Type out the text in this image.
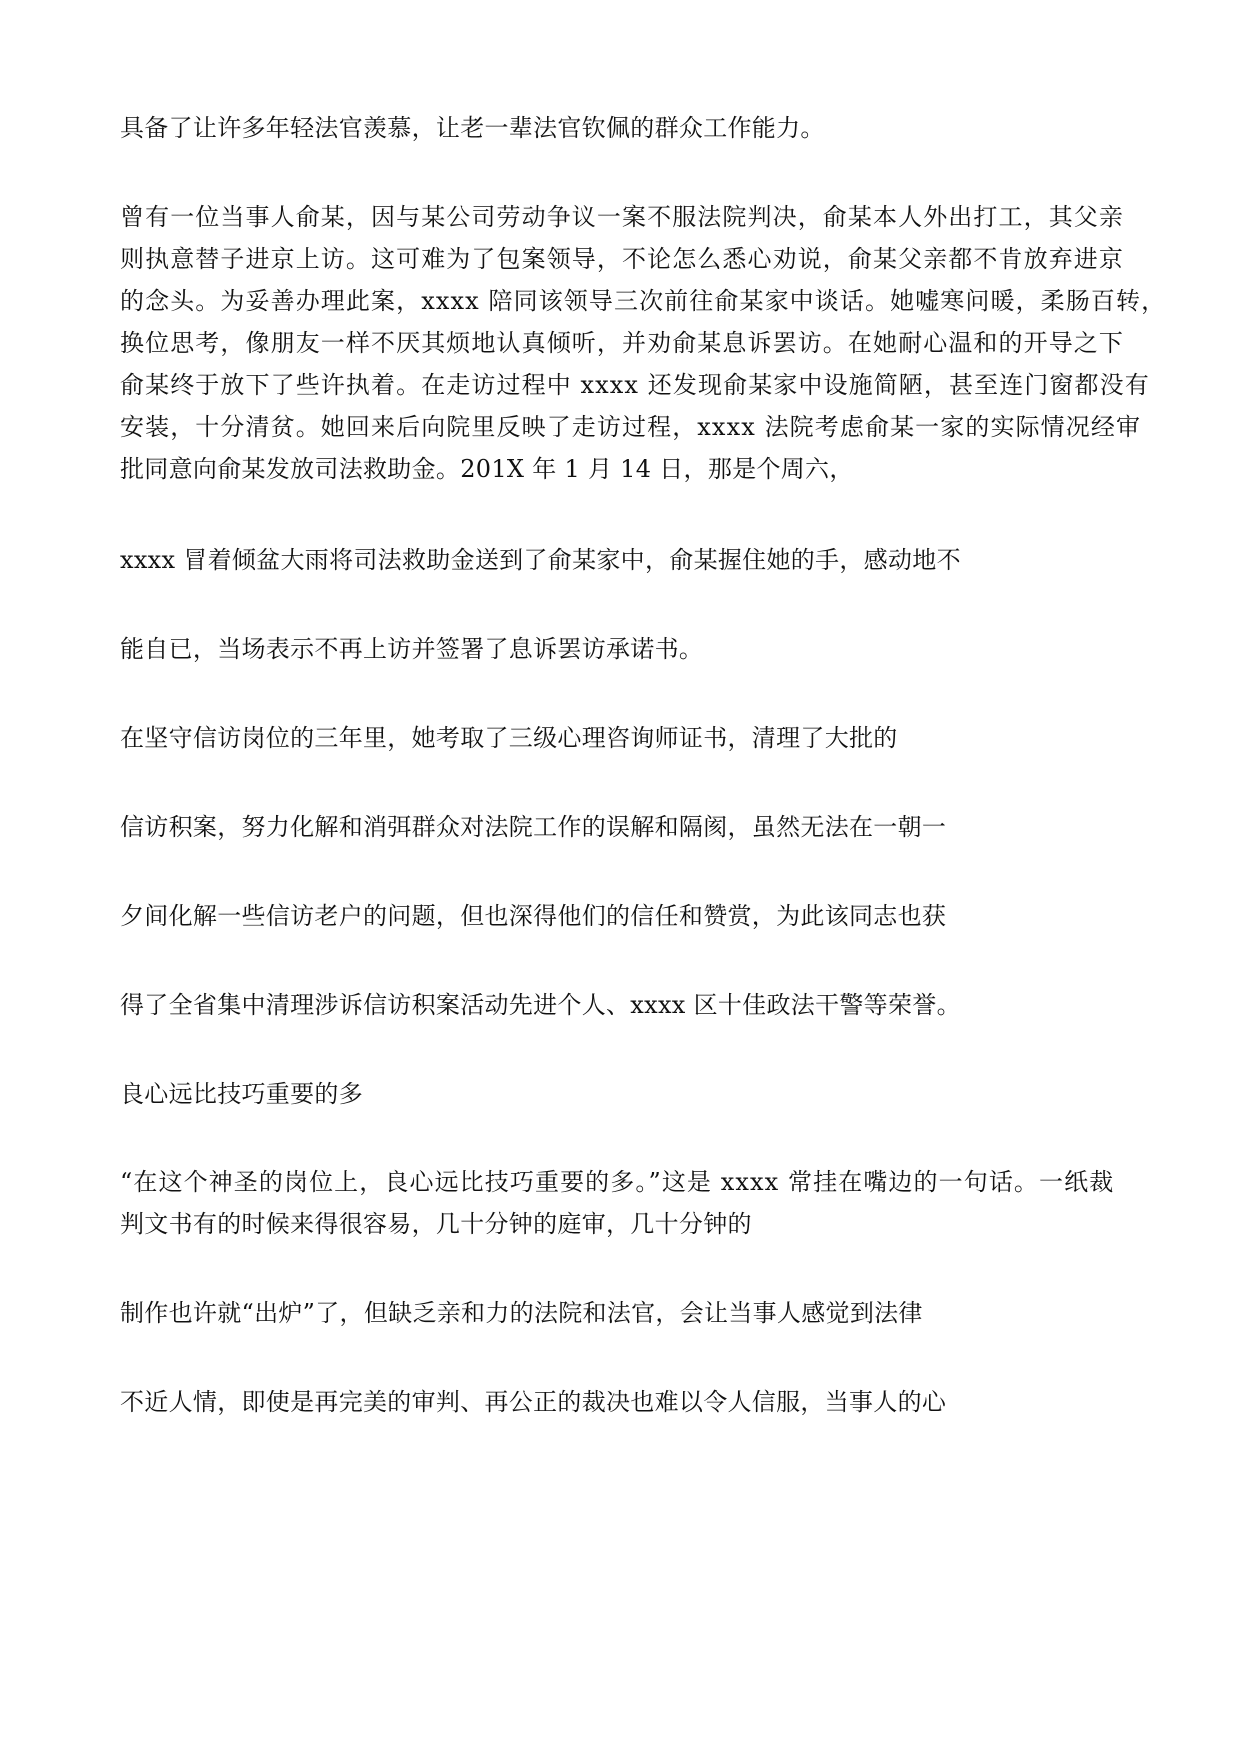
具备了让许多年轻法官羡慕，让老一辈法官钦佩的群众工作能力。
曾有一位当事人俞某，因与某公司劳动争议一案不服法院判决，俞某本人外出打工，其父亲
则执意替子进京上访。这可难为了包案领导，不论怎么悉心劝说，俞某父亲都不肯放弃进京
的念头。为妥善办理此案，xxxx 陪同该领导三次前往俞某家中谈话。她嘘寒问暖，柔肠百转，
换位思考，像朋友一样不厌其烦地认真倾听，并劝俞某息诉罢访。在她耐心温和的开导之下
俞某终于放下了些许执着。在走访过程中 xxxx 还发现俞某家中设施简陋，甚至连门窗都没有
安装，十分清贫。她回来后向院里反映了走访过程，xxxx 法院考虑俞某一家的实际情况经审
批同意向俞某发放司法救助金。201X 年 1 月 14 日，那是个周六，
xxxx 冒着倾盆大雨将司法救助金送到了俞某家中，俞某握住她的手，感动地不
能自已，当场表示不再上访并签署了息诉罢访承诺书。
在坚守信访岗位的三年里，她考取了三级心理咨询师证书，清理了大批的
信访积案，努力化解和消弭群众对法院工作的误解和隔阂，虽然无法在一朝一
夕间化解一些信访老户的问题，但也深得他们的信任和赞赏，为此该同志也获
得了全省集中清理涉诉信访积案活动先进个人、xxxx 区十佳政法干警等荣誉。
良心远比技巧重要的多
“在这个神圣的岗位上，良心远比技巧重要的多。”这是 xxxx 常挂在嘴边的一句话。一纸裁
判文书有的时候来得很容易，几十分钟的庭审，几十分钟的
制作也许就“出炉”了，但缺乏亲和力的法院和法官，会让当事人感觉到法律
不近人情，即使是再完美的审判、再公正的裁决也难以令人信服，当事人的心
